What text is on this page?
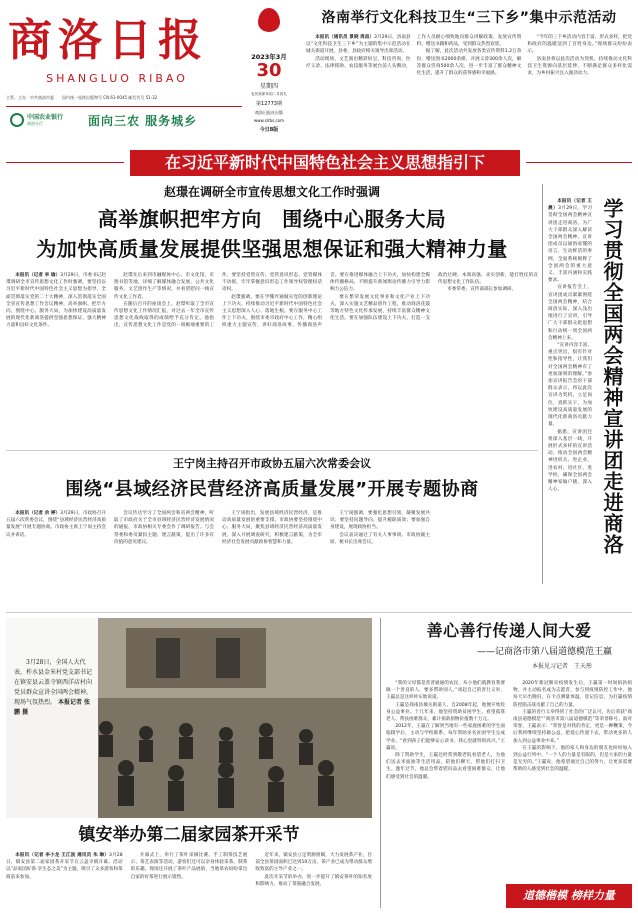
商洛日报
SHANGLUO RIBAO
主管、主办：中共商洛市委　　国内统一连续出版物号 CN 61-0045 邮发代号 51-32
中国农业银行
商洛分行	面向三农 服务城乡
2023年3月
30
星期四
农历癸卯年闰二月初九
第12773期
商洛日报社出版
www.slrbs.com
今日8版
洛南举行文化科技卫生“三下乡”集中示范活动

本报讯（通讯员 景晓 周昌）3月29日，洛南县以“文化科技卫生三下乡”为主题的集中示范活动在城关街道开展，县委、县政府相关领导出席活动。

活动现场，文艺演出精彩纷呈，科技咨询、医疗义诊、法律援助、农技服务等展台前人头攒动，工作人员耐心细致地向群众讲解政策、发放宣传资料、赠送书籍和药品，受到群众热烈欢迎。

据了解，此次活动共发放各类宣传资料1.2万余份，赠送图书2000余册，开展义诊300余人次，解答群众咨询500余人次，进一步丰富了群众精神文化生活，提升了群众的获得感和幸福感。

“今年的三下乡活动内容丰富、形式多样，把党和政府的温暖送到了百姓身边。”现场群众纷纷表示。

洛南县将以此次活动为契机，持续推动文化科技卫生资源向基层延伸，不断满足群众多样化需求，为乡村振兴注入强劲动力。

在习近平新时代中国特色社会主义思想指引下
赵璟在调研全市宣传思想文化工作时强调
高举旗帜把牢方向　围绕中心服务大局
为加快高质量发展提供坚强思想保证和强大精神力量

本报讯（记者 李 瑜）3月29日，市委书记赵璟调研全市宣传思想文化工作时强调，要坚持以习近平新时代中国特色社会主义思想为指导，全面贯彻落实党的二十大精神，深入贯彻落实全国全省宣传思想工作会议精神，高举旗帜、把牢方向，围绕中心、服务大局，为加快建设高质量发展的现代化新商洛提供坚强思想保证、强大精神力量和良好文化条件。

赵璟先后来到市融媒体中心、市文化馆、市图书馆等地，详细了解媒体融合发展、公共文化服务、文艺创作生产等情况，并看望慰问一线宣传文化工作者。

在随后召开的座谈会上，赵璟听取了全市宣传思想文化工作情况汇报，对过去一年全市宣传思想文化战线取得的成绩给予充分肯定。他指出，宣传思想文化工作是党的一项极端重要的工作，要坚持党管宣传、党管意识形态、党管媒体不动摇，牢牢掌握意识形态工作领导权管理权话语权。

赵璟强调，要在学懂弄通做实党的创新理论上下功夫，持续推动习近平新时代中国特色社会主义思想深入人心、落地生根。要在服务中心工作上下功夫，围绕市委市政府中心工作，精心组织重大主题宣传，讲好商洛故事，传播商洛声音。要在推进媒体融合上下功夫，加快构建全媒体传播格局，不断提升新闻舆论传播力引导力影响力公信力。

要在繁荣发展文化事业和文化产业上下功夫，深入实施文艺精品创作工程，推动商洛花鼓等地方特色文化传承发展，持续丰富群众精神文化生活。要在加强队伍建设上下功夫，打造一支政治过硬、本领高强、求实创新、能打胜仗的宣传思想文化工作队伍。

市委常委、宣传部部长参加调研。

本报讯（记者 王 晨）3月29日，学习贯彻全国两会精神宣讲团走进商洛，为广大干部群众深入解读全国两会精神。宣讲团成员以通俗易懂的语言、生动鲜活的事例，全面系统阐释了全国两会的重大意义、丰富内涵和实践要求。

宣讲报告会上，宣讲团成员紧紧围绕全国两会精神，结合商洛实际，深入浅出地进行了宣讲，引导广大干部群众把思想和行动统一到全国两会精神上来。

“宣讲内容丰富、重点突出，很有针对性和指导性，让我们对全国两会精神有了更加深刻的理解。”参加宣讲报告会的干部群众表示，将以此次宣讲为契机，立足岗位，真抓实干，为加快建设高质量发展的现代化新商洛贡献力量。

据悉，宣讲团还将深入基层一线，开展形式多样的宣讲活动，推动全国两会精神进机关、进企业、进农村、进社区、进学校，确保全国两会精神家喻户晓、深入人心。	学习贯彻全国两会精神宣讲团走进商洛
王宁岗主持召开市政协五届六次常委会议
围绕“县域经济民营经济高质量发展”开展专题协商

本报讯（记者 余 婷）3月29日，市政协召开五届六次常委会议，围绕“县域经济民营经济高质量发展”开展专题协商。市政协主席王宁岗主持会议并讲话。

会议传达学习了全国两会和省两会精神，听取了市政府关于全市县域经济民营经济发展情况的通报，市政协相关专委会作了调研报告。与会常委和委员紧扣主题、建言献策，提出了许多有价值的意见建议。

王宁岗指出，发展县域经济民营经济，是推动高质量发展的重要支撑。市政协要坚持围绕中心、服务大局，聚焦县域经济民营经济高质量发展，深入开展调查研究，积极建言献策，为全市经济社会发展贡献政协智慧和力量。

王宁岗强调，要强化思想引领，凝聚发展共识；要坚持问题导向，提升履职质效；要加强自身建设，展现政协担当。

会议表决通过了有关人事事项。市政协副主席、秘书长出席会议。

3月28日，全国人大代表、柞水县金米村党支部书记在镇安县云盖寺镇西洋店村向党员群众宣讲全国两会精神，现场气氛热烈。 本报记者 张 鹏 摄
镇安举办第二届家园茶开采节

本报讯（记者 李小龙 王江波 通讯员 朱 琳）3月28日，镇安县第二届家园茶开采节在云盖寺镇开幕。活动以“品家园好茶·享生态之美”为主题，吸引了众多游客和茶商前来参加。

开幕式上，举行了茶叶采摘比赛、手工制茶技艺展示、茶艺表演等活动，游客们还可以亲身体验采茶、制茶的乐趣。现场还开展了茶叶产品展销，当地茶农纷纷拿出自家的好茶进行展示销售。

近年来，镇安县立足资源禀赋，大力发展茶产业，目前全县茶园面积已达到10万亩，茶产业已成为带动群众增收致富的主导产业之一。

此次开采节的举办，进一步提升了镇安茶叶的知名度和影响力，推动了茶旅融合发展。

善心善行传递人间大爱
——记商洛市第八届道德模范王赢
本报见习记者　王天彤

“我的父母都是普普通通的农民，从小他们就教育我要做一个善良的人，要多帮助别人。”谈起自己的善行义举，王赢总是这样朴实地说道。

王赢是商南县城关街道人，自2008年起，他便开始投身公益事业。十几年来，他坚持资助贫困学生、看望孤寡老人、帮扶困难群众，累计捐款捐物价值数十万元。

2012年，王赢在了解到当地有一些家庭困难的学生面临辍学后，主动与学校联系，每年资助多名贫困学生完成学业。“看到孩子们能够安心读书，我心里就特别高兴。”王赢说。

除了资助学生，王赢还经常到敬老院看望老人，为他们送去米面油等生活用品，陪他们聊天，帮他们打扫卫生。逢年过节，他总会带着慰问品去看望困难群众，让他们感受到社会的温暖。

2020年新冠肺炎疫情发生后，王赢第一时间捐款捐物，并主动报名成为志愿者，参与到疫情防控工作中。他每天早出晚归，在卡点测量体温、登记信息，为打赢疫情防控阻击战贡献了自己的力量。

王赢的善行义举得到了社会的广泛认可，先后荣获“商南县道德模范”“商洛市第八届道德模范”等荣誉称号。面对荣誉，王赢表示：“荣誉是对我的肯定，更是一种鞭策，今后我将继续坚持做公益，把爱心传递下去，带动更多的人加入到公益事业中来。”

在王赢的影响下，他的家人和身边的朋友也纷纷加入到公益行列中。“一个人的力量是有限的，但是大家的力量是无穷的。”王赢说，他希望通过自己的努力，让更多需要帮助的人感受到社会的温暖。

道德楷模 榜样力量
